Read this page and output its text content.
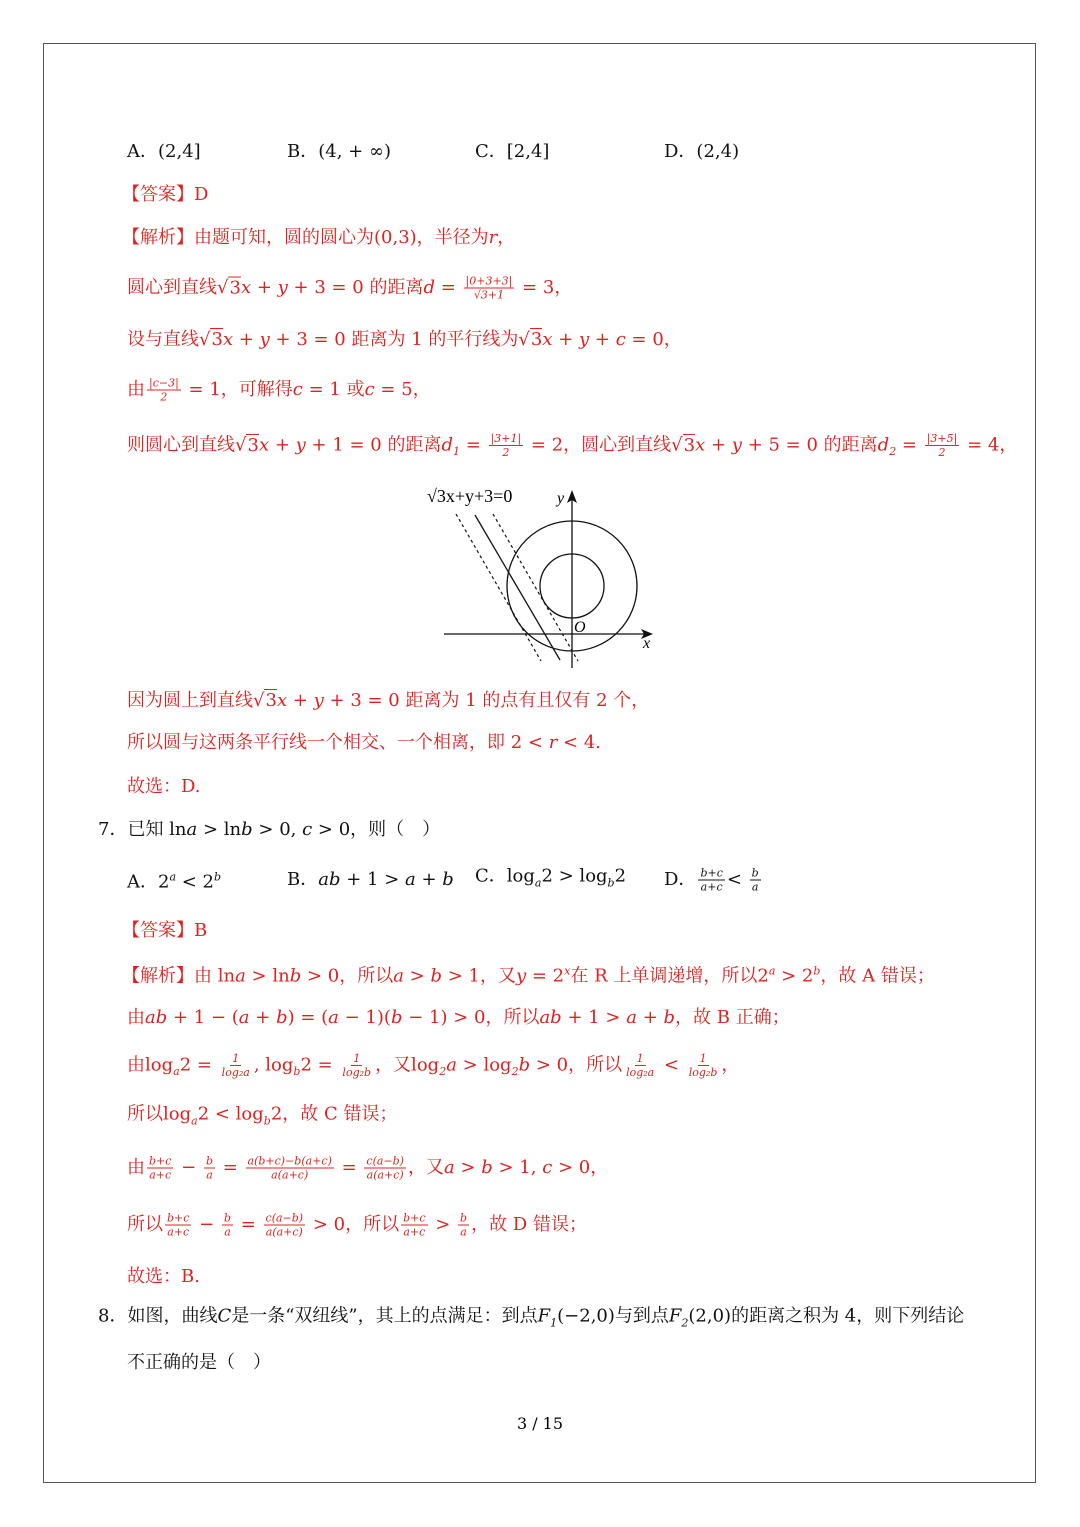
A．(2,4]	B．(4, + ∞)	C．[2,4]	D．(2,4)
【答案】D
【解析】由题可知，圆的圆心为(0,3)，半径为r，
圆心到直线√3x + y + 3 = 0 的距离$d = \frac{|0+3+3|}{√3+1} = 3$，
设与直线√3x + y + 3 = 0 距离为 1 的平行线为√3x + y + c = 0，
由 $\frac{|c-3|}{2} = 1$，可解得c = 1 或c = 5，
则圆心到直线√3x + y + 1 = 0 的距离$d_1 = \frac{|3+1|}{2} = 2$，圆心到直线√3x + y + 5 = 0 的距离$d_2 = \frac{|3+5|}{2} = 4$，
因为圆上到直线√3x + y + 3 = 0 距离为 1 的点有且仅有 2 个，
所以圆与这两条平行线一个相交、一个相离，即 2 < r < 4.
故选：D.
7．已知 lna > lnb > 0, c > 0，则（　）
A．$2^a < 2^b$	B．ab + 1 > a + b C．$\log_a2 > \log_b2$ D． $\frac{b+c}{a+c} < \frac{b}{a}$
【答案】B
【解析】由 lna > lnb > 0，所以a > b > 1，又$y = 2^x$在 R 上单调递增，所以$2^a > 2^b$，故 A 错误；
由ab + 1 − (a + b) = (a − 1)(b − 1) > 0，所以ab + 1 > a + b，故 B 正确；
由$\log_a2 = \frac{1}{\text{log₂a}}$ , $\log_b2 = \frac{1}{\text{log₂b}}$ ，又$\log_2a > \log_2b > 0$，所以 $\frac{1}{\text{log₂a}} < \frac{1}{\text{log₂b}}$ ，
所以$\log_a2 < \log_b2$，故 C 错误；
由 $\frac{b+c}{a+c} - \frac{b}{a} = \frac{a(b+c)-b(a+c)}{a(a+c)} = \frac{c(a-b)}{a(a+c)}$ ，又a > b > 1, c > 0，
所以 $\frac{b+c}{a+c} - \frac{b}{a} = \frac{c(a-b)}{a(a+c)} > 0$，所以 $\frac{b+c}{a+c} > \frac{b}{a}$ ，故 D 错误；
故选：B.
8．如图，曲线C是一条“双纽线”，其上的点满足：到点$F_1(-2,0)$与到点$F_2(2,0)$的距离之积为 4，则下列结论
不正确的是（　）
x
y
O
√3x+y+3=0
3 / 15
